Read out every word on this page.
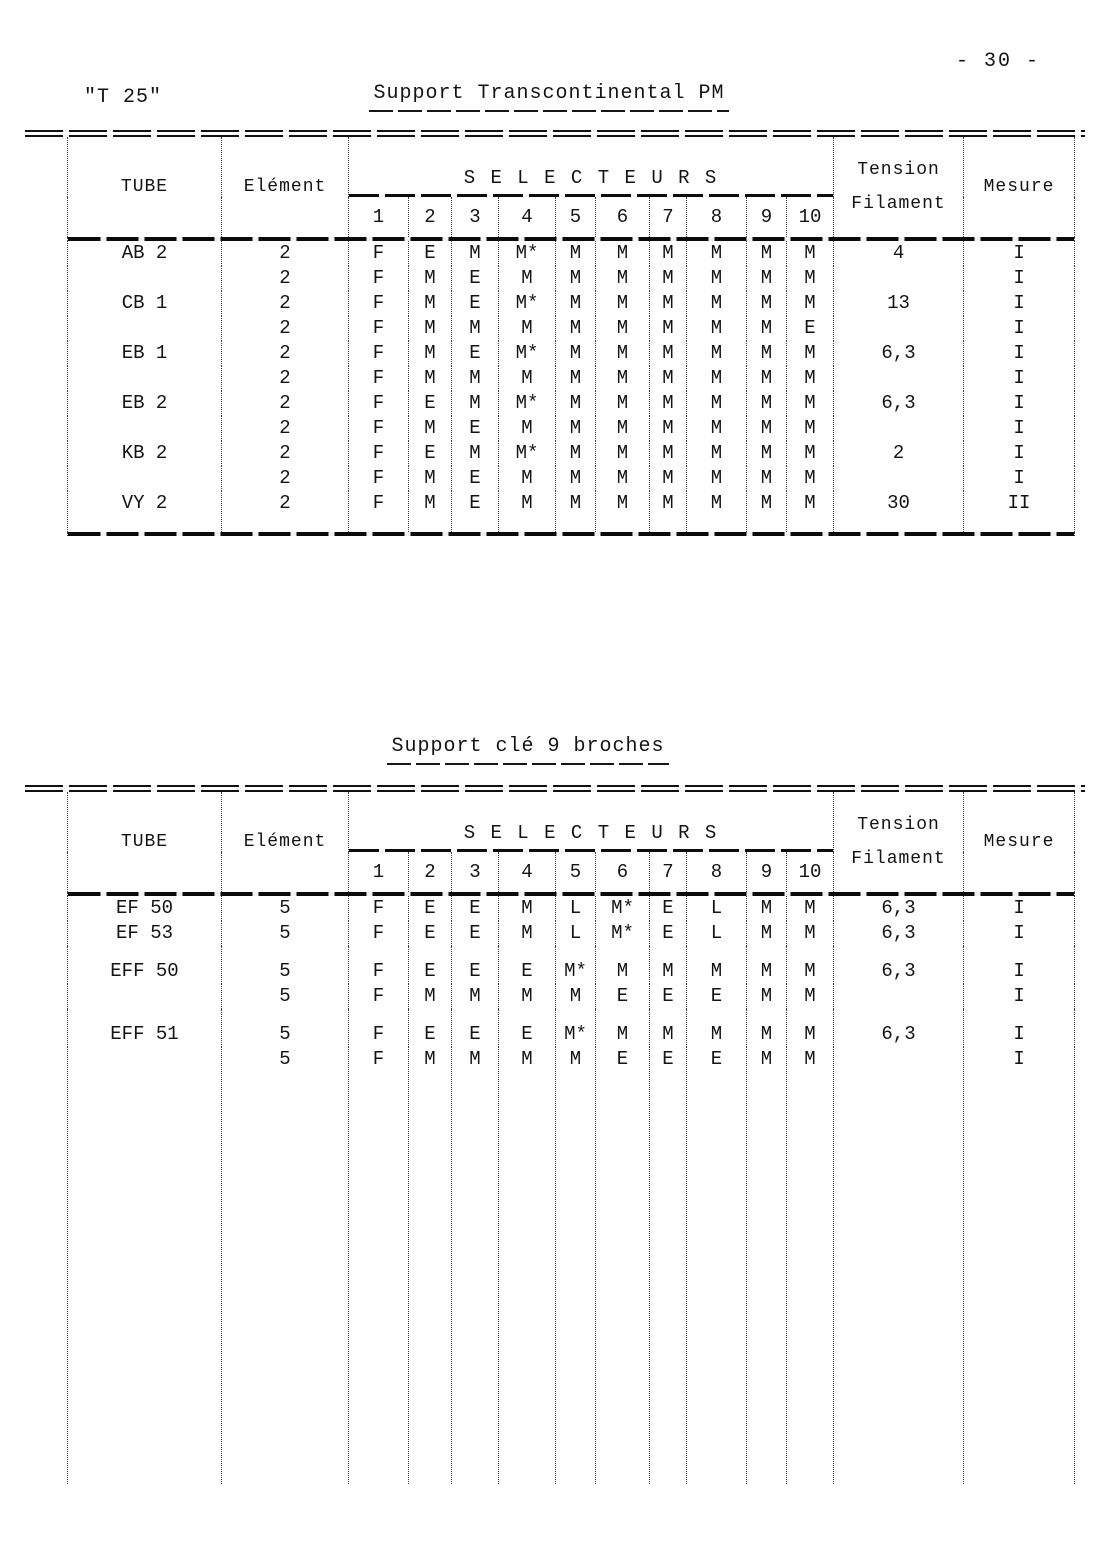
"T 25"
- 30 -
Support Transcontinental PM
TUBE	Elément	S E L E C T E U R S										Tension
Filament	Mesure
		1	2	3	4	5	6	7	8	9	10		

AB 2	2	F	E	M	M*	M	M	M	M	M	M	4	I
	2	F	M	E	M	M	M	M	M	M	M		I
CB 1	2	F	M	E	M*	M	M	M	M	M	M	13	I
	2	F	M	M	M	M	M	M	M	M	E		I
EB 1	2	F	M	E	M*	M	M	M	M	M	M	6,3	I
	2	F	M	M	M	M	M	M	M	M	M		I
EB 2	2	F	E	M	M*	M	M	M	M	M	M	6,3	I
	2	F	M	E	M	M	M	M	M	M	M		I
KB 2	2	F	E	M	M*	M	M	M	M	M	M	2	I
	2	F	M	E	M	M	M	M	M	M	M		I
VY 2	2	F	M	E	M	M	M	M	M	M	M	30	II

Support clé 9 broches
TUBE	Elément	S E L E C T E U R S										Tension
Filament	Mesure
		1	2	3	4	5	6	7	8	9	10		

EF 50	5	F	E	E	M	L	M*	E	L	M	M	6,3	I
EF 53	5	F	E	E	M	L	M*	E	L	M	M	6,3	I
EFF 50	5	F	E	E	E	M*	M	M	M	M	M	6,3	I
	5	F	M	M	M	M	E	E	E	M	M		I
EFF 51	5	F	E	E	E	M*	M	M	M	M	M	6,3	I
	5	F	M	M	M	M	E	E	E	M	M		I
